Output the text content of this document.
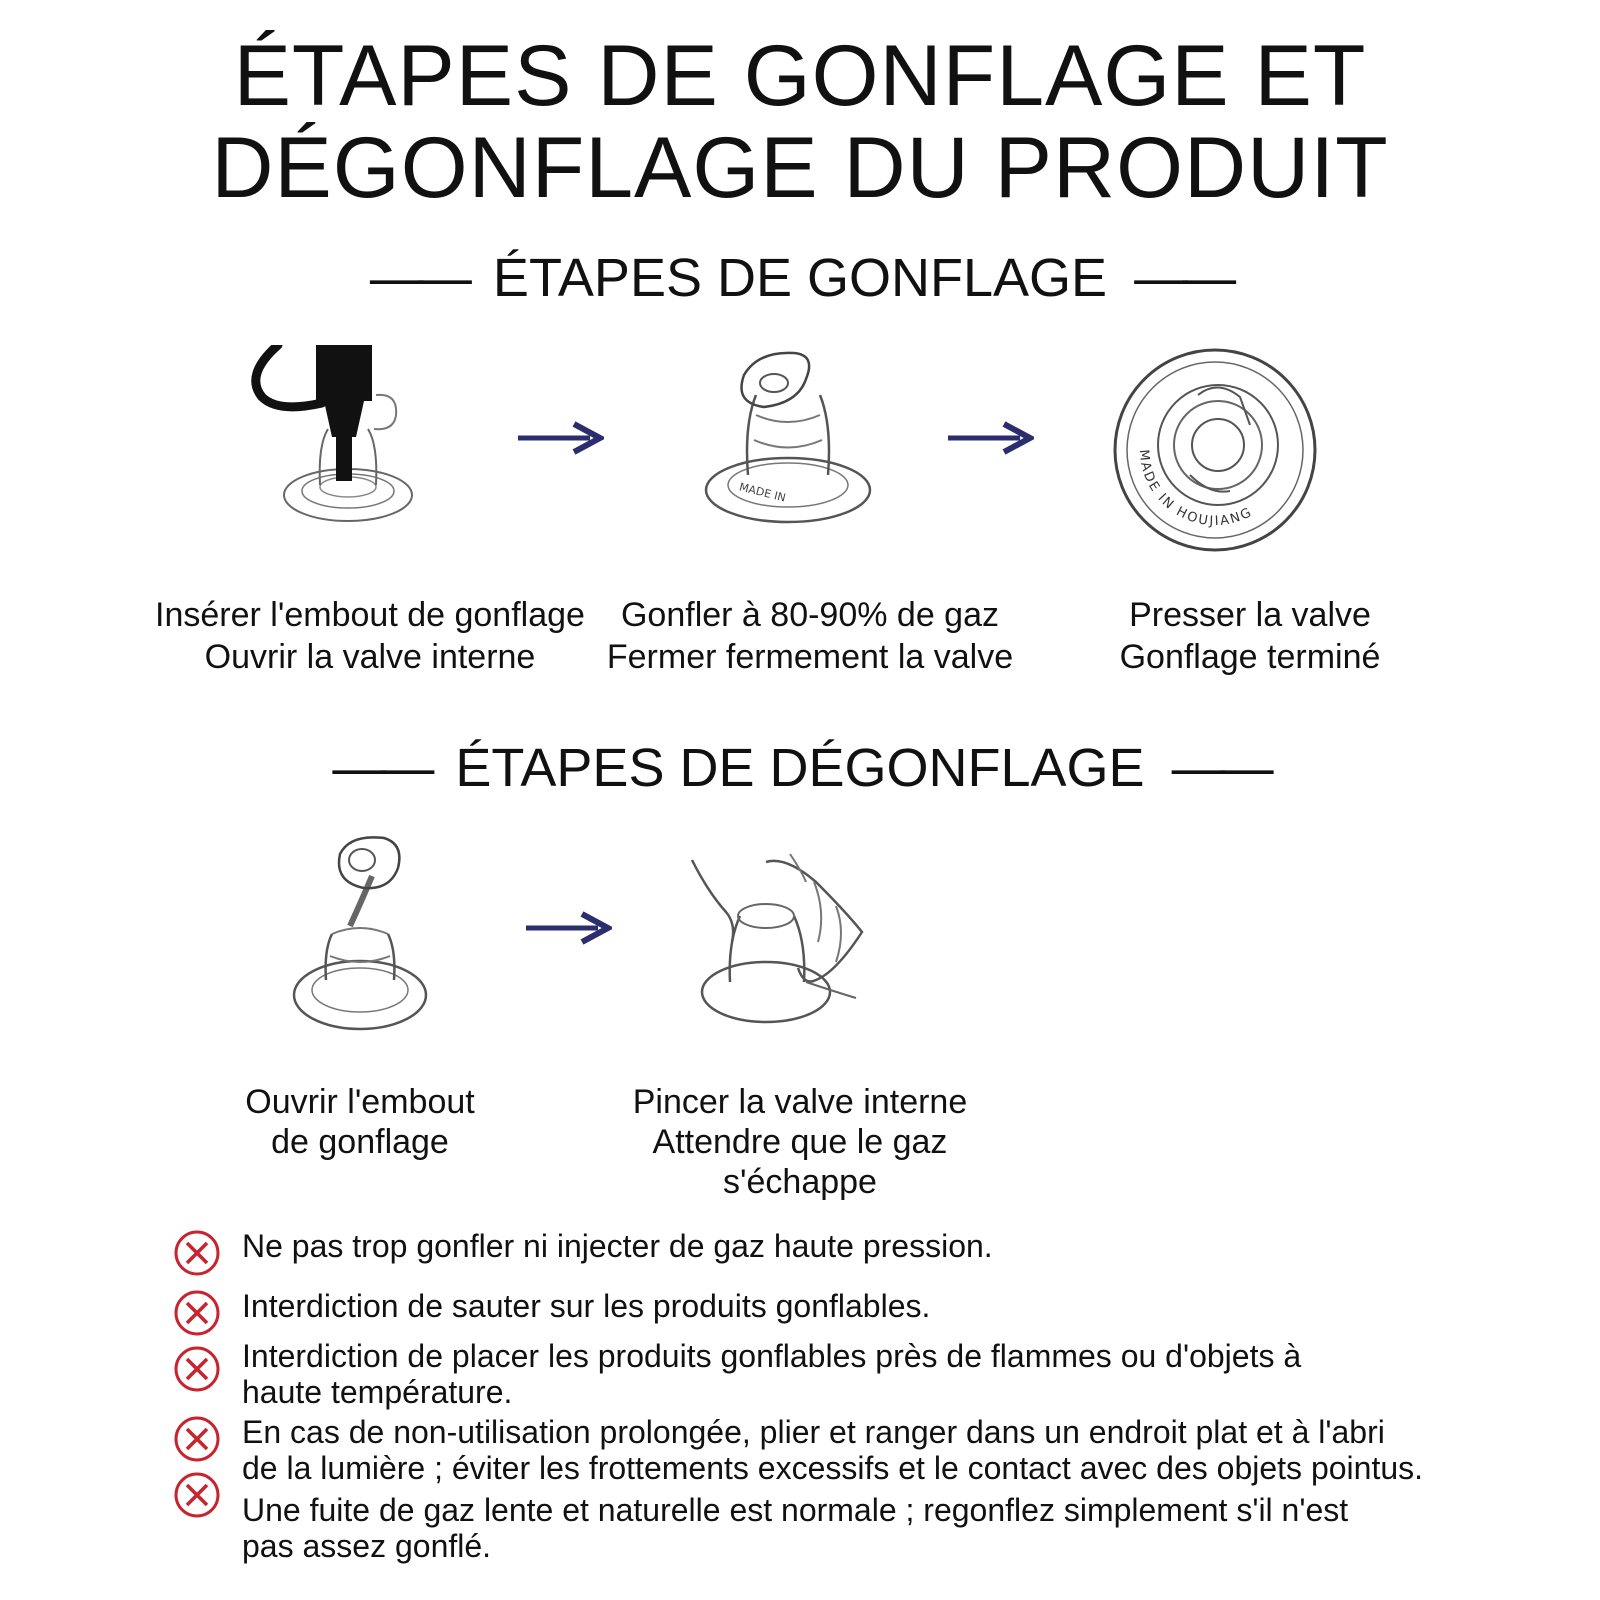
ÉTAPES DE GONFLAGE ET
DÉGONFLAGE DU PRODUIT
—— ÉTAPES DE GONFLAGE ——
MADE IN
MADE IN HOUJIANG
Insérer l'embout de gonflage
Ouvrir la valve interne
Gonfler à 80-90% de gaz
Fermer fermement la valve
Presser la valve
Gonflage terminé
—— ÉTAPES DE DÉGONFLAGE ——
Ouvrir l'embout
de gonflage
Pincer la valve interne
Attendre que le gaz
s'échappe
Ne pas trop gonfler ni injecter de gaz haute pression.
Interdiction de sauter sur les produits gonflables.
Interdiction de placer les produits gonflables près de flammes ou d'objets à
haute température.
En cas de non-utilisation prolongée, plier et ranger dans un endroit plat et à l'abri
de la lumière ; éviter les frottements excessifs et le contact avec des objets pointus.
Une fuite de gaz lente et naturelle est normale ; regonflez simplement s'il n'est
pas assez gonflé.
